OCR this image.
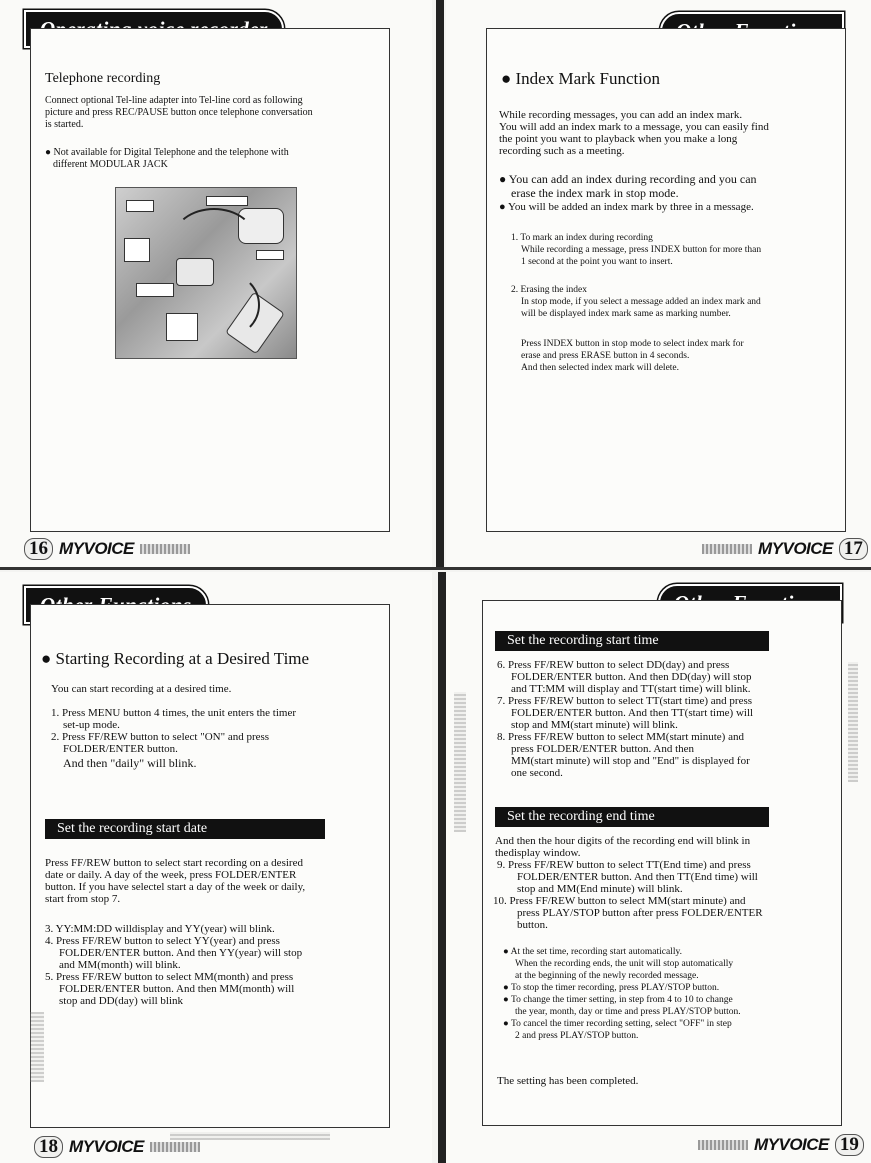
Telephone recording
Connect optional Tel-line adapter into Tel-line cord as following
picture and press REC/PAUSE button once telephone conversation
is started.
● Not available for Digital Telephone and the telephone with
different MODULAR JACK
16 MYVOICE
● Index Mark Function
While recording messages, you can add an index mark.
You will add an index mark to a message, you can easily find
the point you want to playback when you make a long
recording such as a meeting.
● You can add an index during recording and you can
erase the index mark in stop mode.
● You will be added an index mark by three in a message.
1. To mark an index during recording
While recording a message, press INDEX button for more than
1 second at the point you want to insert.
2. Erasing the index
In stop mode, if you select a message added an index mark and
will be displayed index mark same as marking number.
Press INDEX button in stop mode to select index mark for
erase and press ERASE button in 4 seconds.
And then selected index mark will delete.
MYVOICE 17
● Starting Recording at a Desired Time
You can start recording at a desired time.
1. Press MENU button 4 times, the unit enters the timer
set-up mode.
2. Press FF/REW button to select "ON" and press
FOLDER/ENTER button.
And then "daily" will blink.
Set the recording start date
Press FF/REW button to select start recording on a desired
date or daily. A day of the week, press FOLDER/ENTER
button. If you have selectel start a day of the week or daily,
start from stop 7.
3. YY:MM:DD willdisplay and YY(year) will blink.
4. Press FF/REW button to select YY(year) and press
FOLDER/ENTER button. And then YY(year) will stop
and MM(month) will blink.
5. Press FF/REW button to select MM(month) and press
FOLDER/ENTER button. And then MM(month) will
stop and DD(day) will blink
18 MYVOICE
Set the recording start time
6. Press FF/REW button to select DD(day) and press
FOLDER/ENTER button. And then DD(day) will stop
and TT:MM will display and TT(start time) will blink.
7. Press FF/REW button to select TT(start time) and press
FOLDER/ENTER button. And then TT(start time) will
stop and MM(start minute) will blink.
8. Press FF/REW button to select MM(start minute) and
press FOLDER/ENTER button. And then
MM(start minute) will stop and "End" is displayed for
one second.
Set the recording end time
And then the hour digits of the recording end will blink in
thedisplay window.
9. Press FF/REW button to select TT(End time) and press
FOLDER/ENTER button. And then TT(End time) will
stop and MM(End minute) will blink.
10. Press FF/REW button to select MM(start minute) and
press PLAY/STOP button after press FOLDER/ENTER
button.
● At the set time, recording start automatically.
When the recording ends, the unit will stop automatically
at the beginning of the newly recorded message.
● To stop the timer recording, press PLAY/STOP button.
● To change the timer setting, in step from 4 to 10 to change
the year, month, day or time and press PLAY/STOP button.
● To cancel the timer recording setting, select "OFF" in step
2 and press PLAY/STOP button.
The setting has been completed.
MYVOICE 19
